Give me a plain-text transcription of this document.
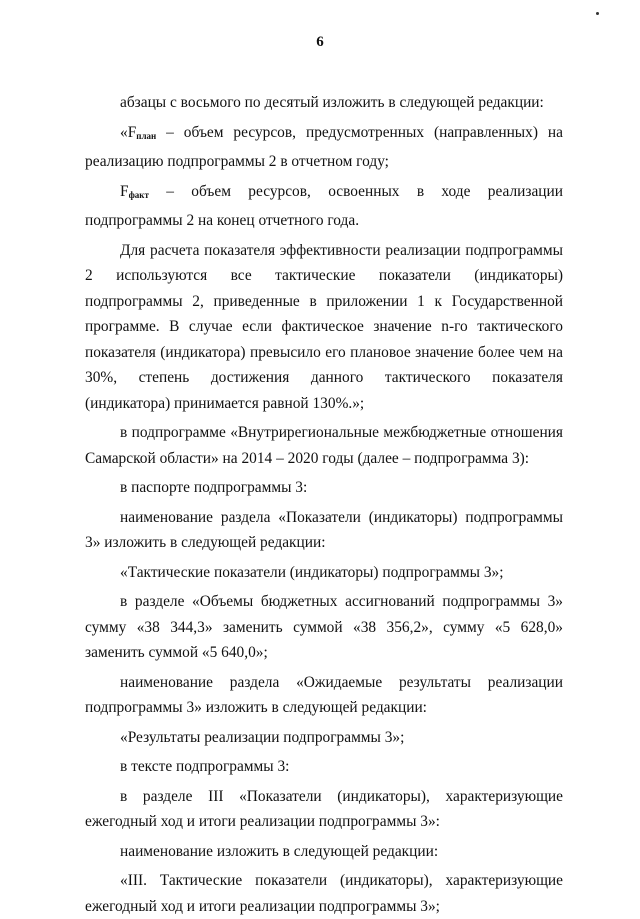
6

абзацы с восьмого по десятый изложить в следующей редакции:

«$F_{план}$ – объем ресурсов, предусмотренных (направленных) на реализацию подпрограммы 2 в отчетном году;

$F_{факт}$ – объем ресурсов, освоенных в ходе реализации подпрограммы 2 на конец отчетного года.

Для расчета показателя эффективности реализации подпрограммы 2 используются все тактические показатели (индикаторы) подпрограммы 2, приведенные в приложении 1 к Государственной программе. В случае если фактическое значение n-го тактического показателя (индикатора) превысило его плановое значение более чем на 30%, степень достижения данного тактического показателя (индикатора) принимается равной 130%.»;

в подпрограмме «Внутрирегиональные межбюджетные отношения Самарской области» на 2014 – 2020 годы (далее – подпрограмма 3):

в паспорте подпрограммы 3:

наименование раздела «Показатели (индикаторы) подпрограммы 3» изложить в следующей редакции:

«Тактические показатели (индикаторы) подпрограммы 3»;

в разделе «Объемы бюджетных ассигнований подпрограммы 3» сумму «38 344,3» заменить суммой «38 356,2», сумму «5 628,0» заменить суммой «5 640,0»;

наименование раздела «Ожидаемые результаты реализации подпрограммы 3» изложить в следующей редакции:

«Результаты реализации подпрограммы 3»;

в тексте подпрограммы 3:

в разделе III «Показатели (индикаторы), характеризующие ежегодный ход и итоги реализации подпрограммы 3»:

наименование изложить в следующей редакции:

«III. Тактические показатели (индикаторы), характеризующие ежегодный ход и итоги реализации подпрограммы 3»;
